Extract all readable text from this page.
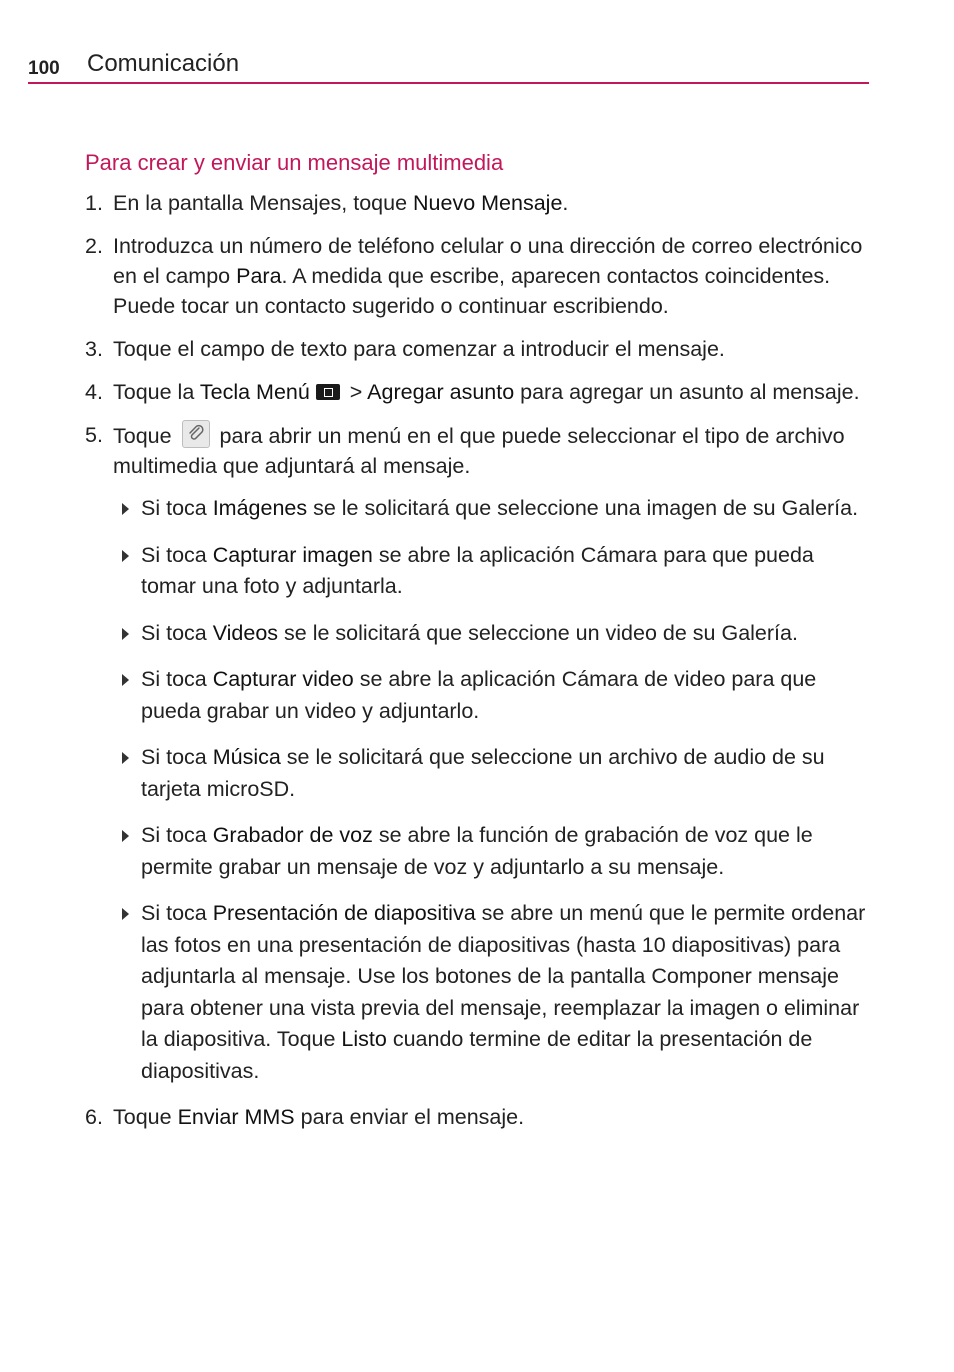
100 Comunicación
Para crear y enviar un mensaje multimedia
1. En la pantalla Mensajes, toque Nuevo Mensaje.
2. Introduzca un número de teléfono celular o una dirección de correo electrónico en el campo Para. A medida que escribe, aparecen contactos coincidentes. Puede tocar un contacto sugerido o continuar escribiendo.
3. Toque el campo de texto para comenzar a introducir el mensaje.
4. Toque la Tecla Menú > Agregar asunto para agregar un asunto al mensaje.
5. Toque
para abrir un menú en el que puede seleccionar el tipo de archivo multimedia que adjuntará al mensaje.
Si toca Imágenes se le solicitará que seleccione una imagen de su Galería.
Si toca Capturar imagen se abre la aplicación Cámara para que pueda tomar una foto y adjuntarla.
Si toca Videos se le solicitará que seleccione un video de su Galería.
Si toca Capturar video se abre la aplicación Cámara de video para que pueda grabar un video y adjuntarlo.
Si toca Música se le solicitará que seleccione un archivo de audio de su tarjeta microSD.
Si toca Grabador de voz se abre la función de grabación de voz que le permite grabar un mensaje de voz y adjuntarlo a su mensaje.
Si toca Presentación de diapositiva se abre un menú que le permite ordenar las fotos en una presentación de diapositivas (hasta 10 diapositivas) para adjuntarla al mensaje. Use los botones de la pantalla Componer mensaje para obtener una vista previa del mensaje, reemplazar la imagen o eliminar la diapositiva. Toque Listo cuando termine de editar la presentación de diapositivas.
6. Toque Enviar MMS para enviar el mensaje.
